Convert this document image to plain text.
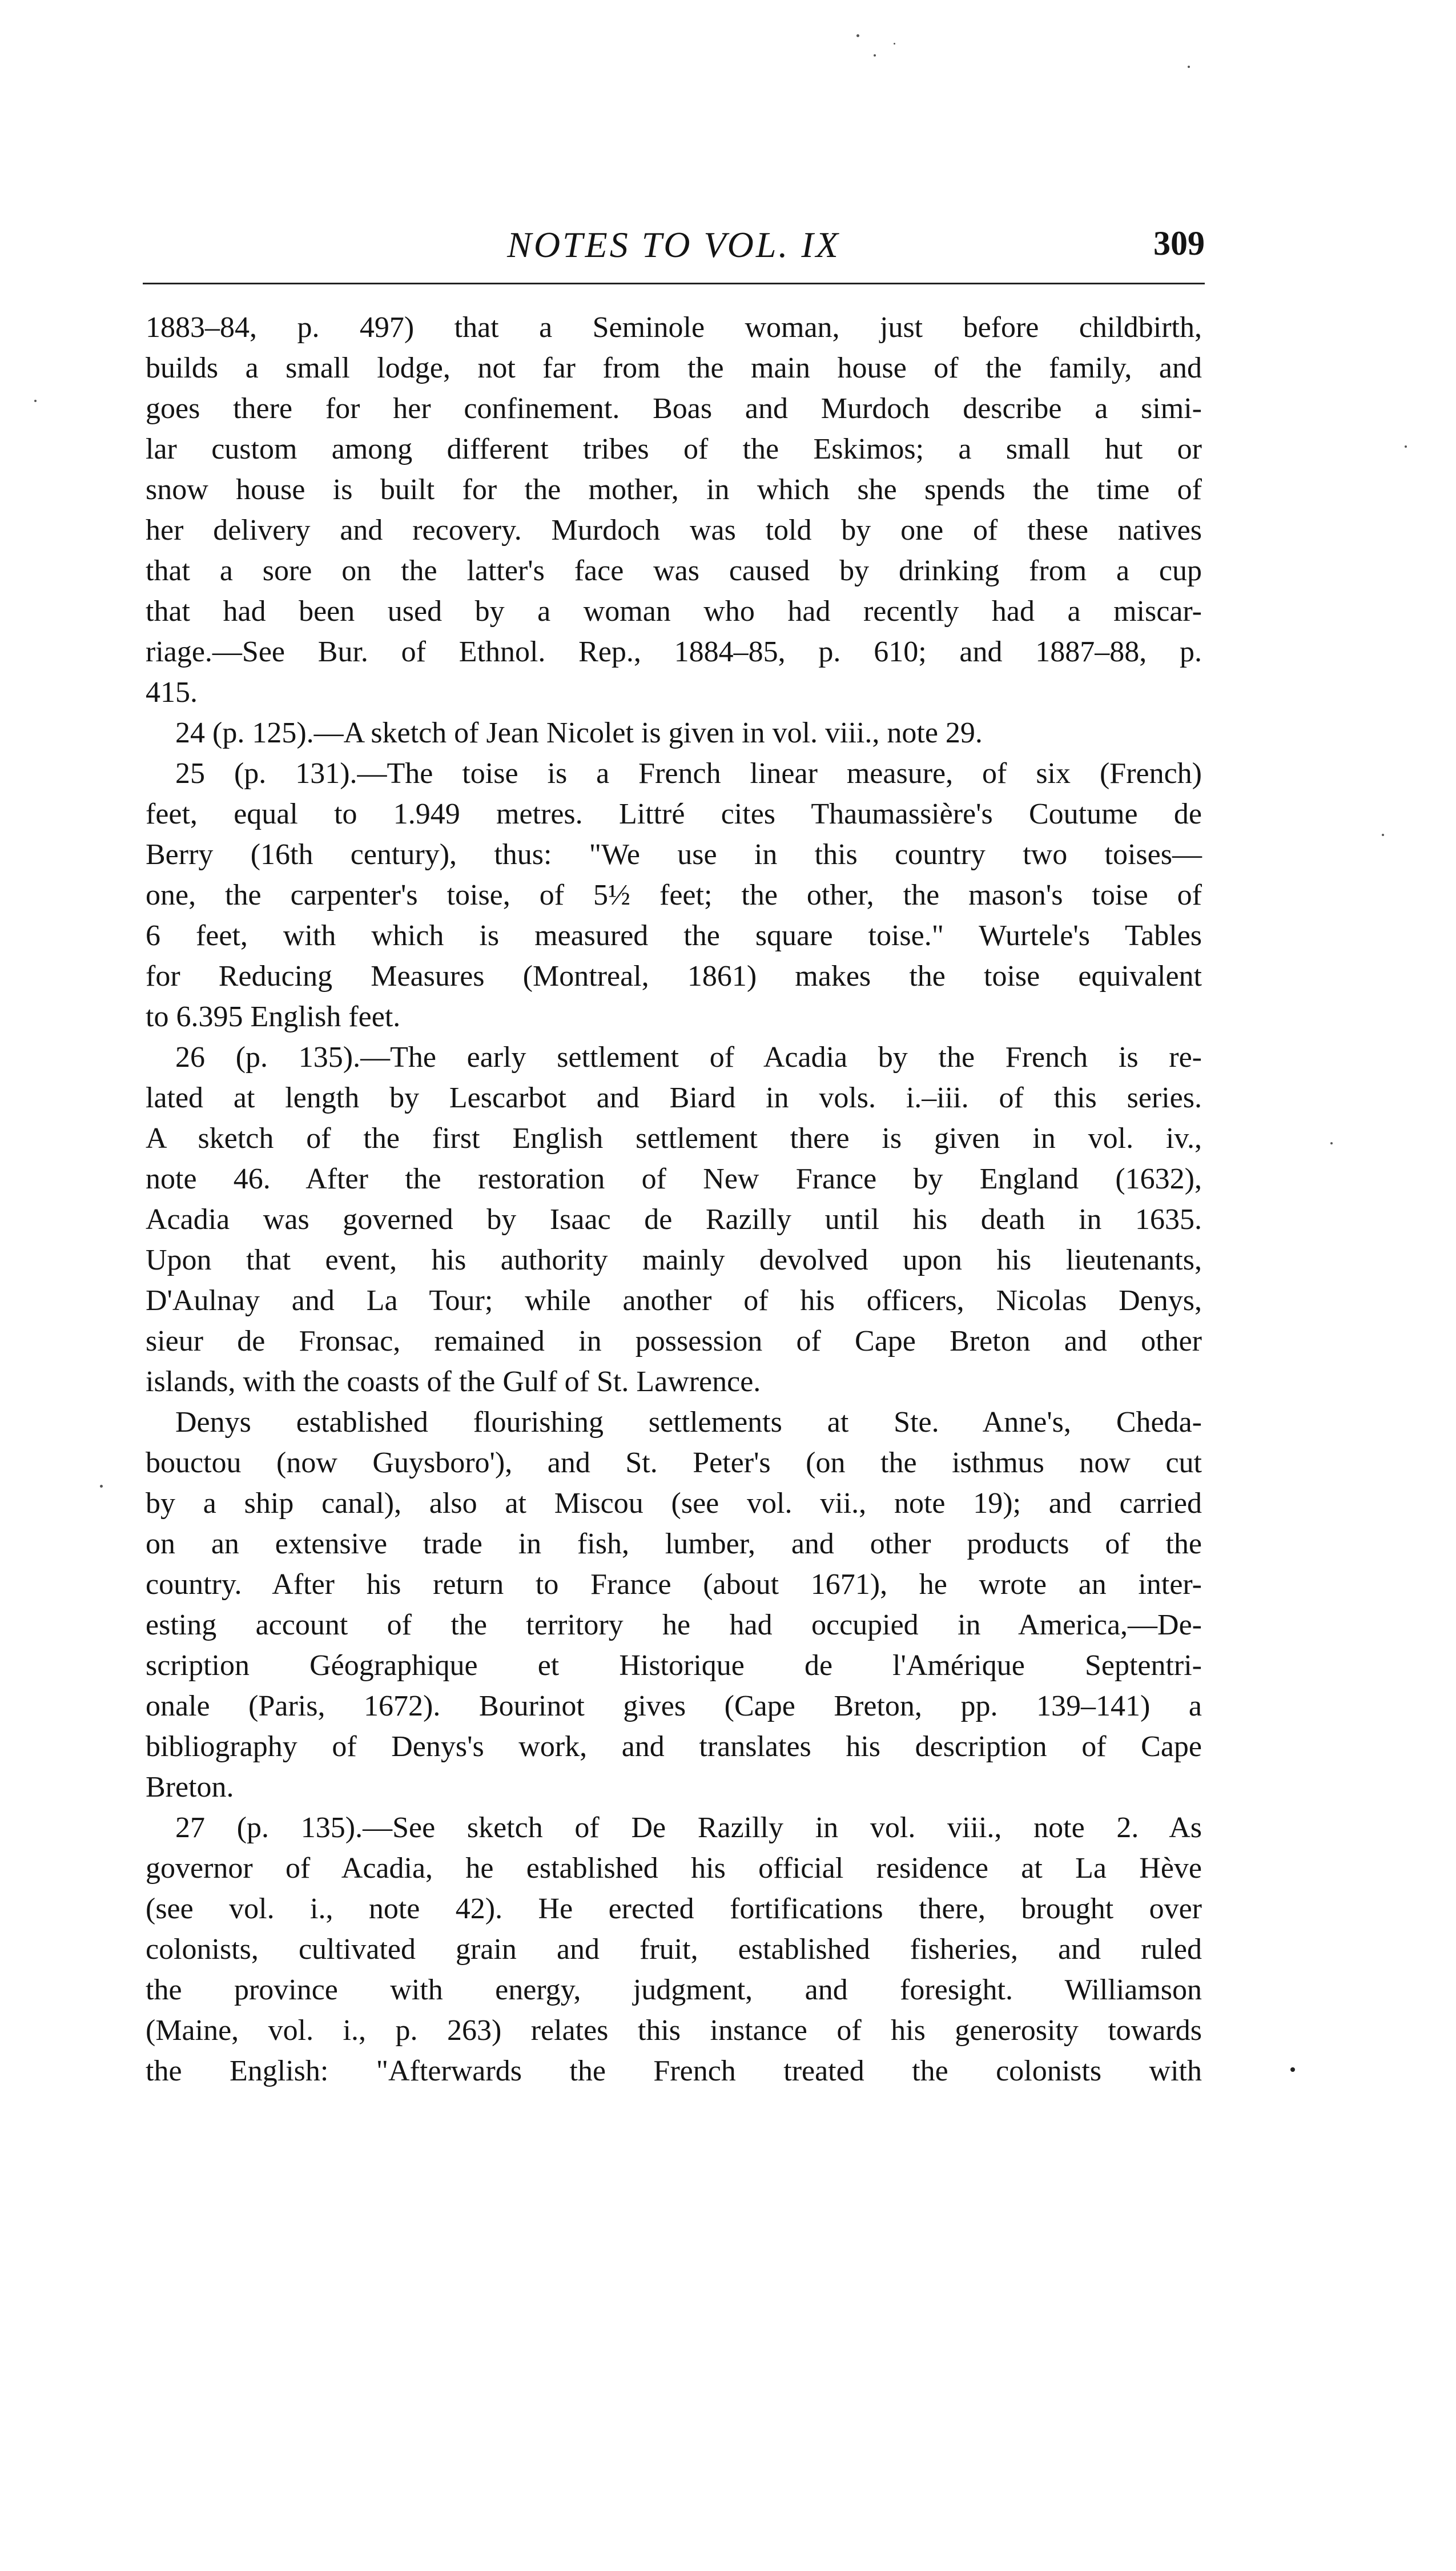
NOTES TO VOL. IX	309
1883–84, p. 497) that a Seminole woman, just before childbirth,
builds a small lodge, not far from the main house of the family, and
goes there for her confinement. Boas and Murdoch describe a simi-
lar custom among different tribes of the Eskimos; a small hut or
snow house is built for the mother, in which she spends the time of
her delivery and recovery. Murdoch was told by one of these natives
that a sore on the latter's face was caused by drinking from a cup
that had been used by a woman who had recently had a miscar-
riage.—See Bur. of Ethnol. Rep., 1884–85, p. 610; and 1887–88, p.
415.
24 (p. 125).—A sketch of Jean Nicolet is given in vol. viii., note 29.
25 (p. 131).—The toise is a French linear measure, of six (French)
feet, equal to 1.949 metres. Littré cites Thaumassière's Coutume de
Berry (16th century), thus: "We use in this country two toises—
one, the carpenter's toise, of 5½ feet; the other, the mason's toise of
6 feet, with which is measured the square toise." Wurtele's Tables
for Reducing Measures (Montreal, 1861) makes the toise equivalent
to 6.395 English feet.
26 (p. 135).—The early settlement of Acadia by the French is re-
lated at length by Lescarbot and Biard in vols. i.–iii. of this series.
A sketch of the first English settlement there is given in vol. iv.,
note 46. After the restoration of New France by England (1632),
Acadia was governed by Isaac de Razilly until his death in 1635.
Upon that event, his authority mainly devolved upon his lieutenants,
D'Aulnay and La Tour; while another of his officers, Nicolas Denys,
sieur de Fronsac, remained in possession of Cape Breton and other
islands, with the coasts of the Gulf of St. Lawrence.
Denys established flourishing settlements at Ste. Anne's, Cheda-
bouctou (now Guysboro'), and St. Peter's (on the isthmus now cut
by a ship canal), also at Miscou (see vol. vii., note 19); and carried
on an extensive trade in fish, lumber, and other products of the
country. After his return to France (about 1671), he wrote an inter-
esting account of the territory he had occupied in America,—De-
scription Géographique et Historique de l'Amérique Septentri-
onale (Paris, 1672). Bourinot gives (Cape Breton, pp. 139–141) a
bibliography of Denys's work, and translates his description of Cape
Breton.
27 (p. 135).—See sketch of De Razilly in vol. viii., note 2. As
governor of Acadia, he established his official residence at La Hève
(see vol. i., note 42). He erected fortifications there, brought over
colonists, cultivated grain and fruit, established fisheries, and ruled
the province with energy, judgment, and foresight. Williamson
(Maine, vol. i., p. 263) relates this instance of his generosity towards
the English: "Afterwards the French treated the colonists with
